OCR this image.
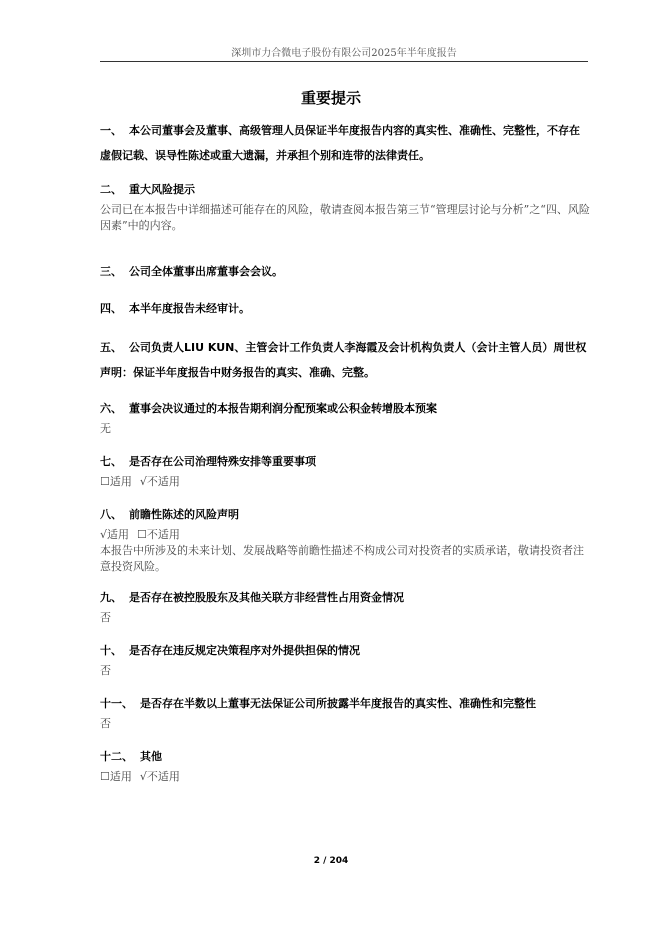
深圳市力合微电子股份有限公司2025年半年度报告
重要提示

一、 本公司董事会及董事、高级管理人员保证半年度报告内容的真实性、准确性、完整性，不存在虚假记载、误导性陈述或重大遗漏，并承担个别和连带的法律责任。

二、 重大风险提示

公司已在本报告中详细描述可能存在的风险，敬请查阅本报告第三节“管理层讨论与分析”之“四、风险因素”中的内容。

三、 公司全体董事出席董事会会议。

四、 本半年度报告未经审计。

五、 公司负责人LIU KUN、主管会计工作负责人李海霞及会计机构负责人（会计主管人员）周世权声明：保证半年度报告中财务报告的真实、准确、完整。

六、 董事会决议通过的本报告期利润分配预案或公积金转增股本预案

无

七、 是否存在公司治理特殊安排等重要事项

☐适用 √不适用

八、 前瞻性陈述的风险声明

√适用 ☐不适用

本报告中所涉及的未来计划、发展战略等前瞻性描述不构成公司对投资者的实质承诺，敬请投资者注意投资风险。

九、 是否存在被控股股东及其他关联方非经营性占用资金情况

否

十、 是否存在违反规定决策程序对外提供担保的情况

否

十一、 是否存在半数以上董事无法保证公司所披露半年度报告的真实性、准确性和完整性

否

十二、 其他

☐适用 √不适用
2 / 204
